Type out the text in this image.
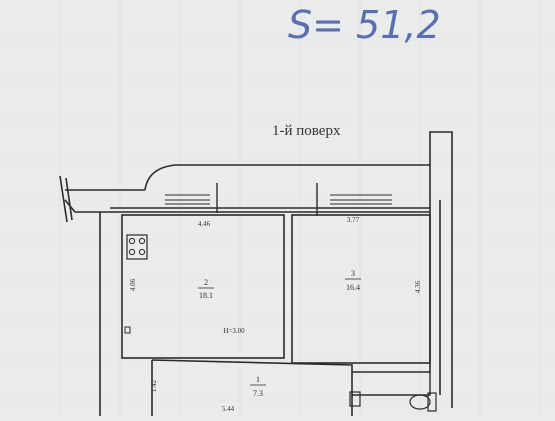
S= 51,2
1-й поверх
4.46
4.06	2
18.1
H=3.00
3.77
4.36
3
16.4
1
7.3
1.42
5.44
